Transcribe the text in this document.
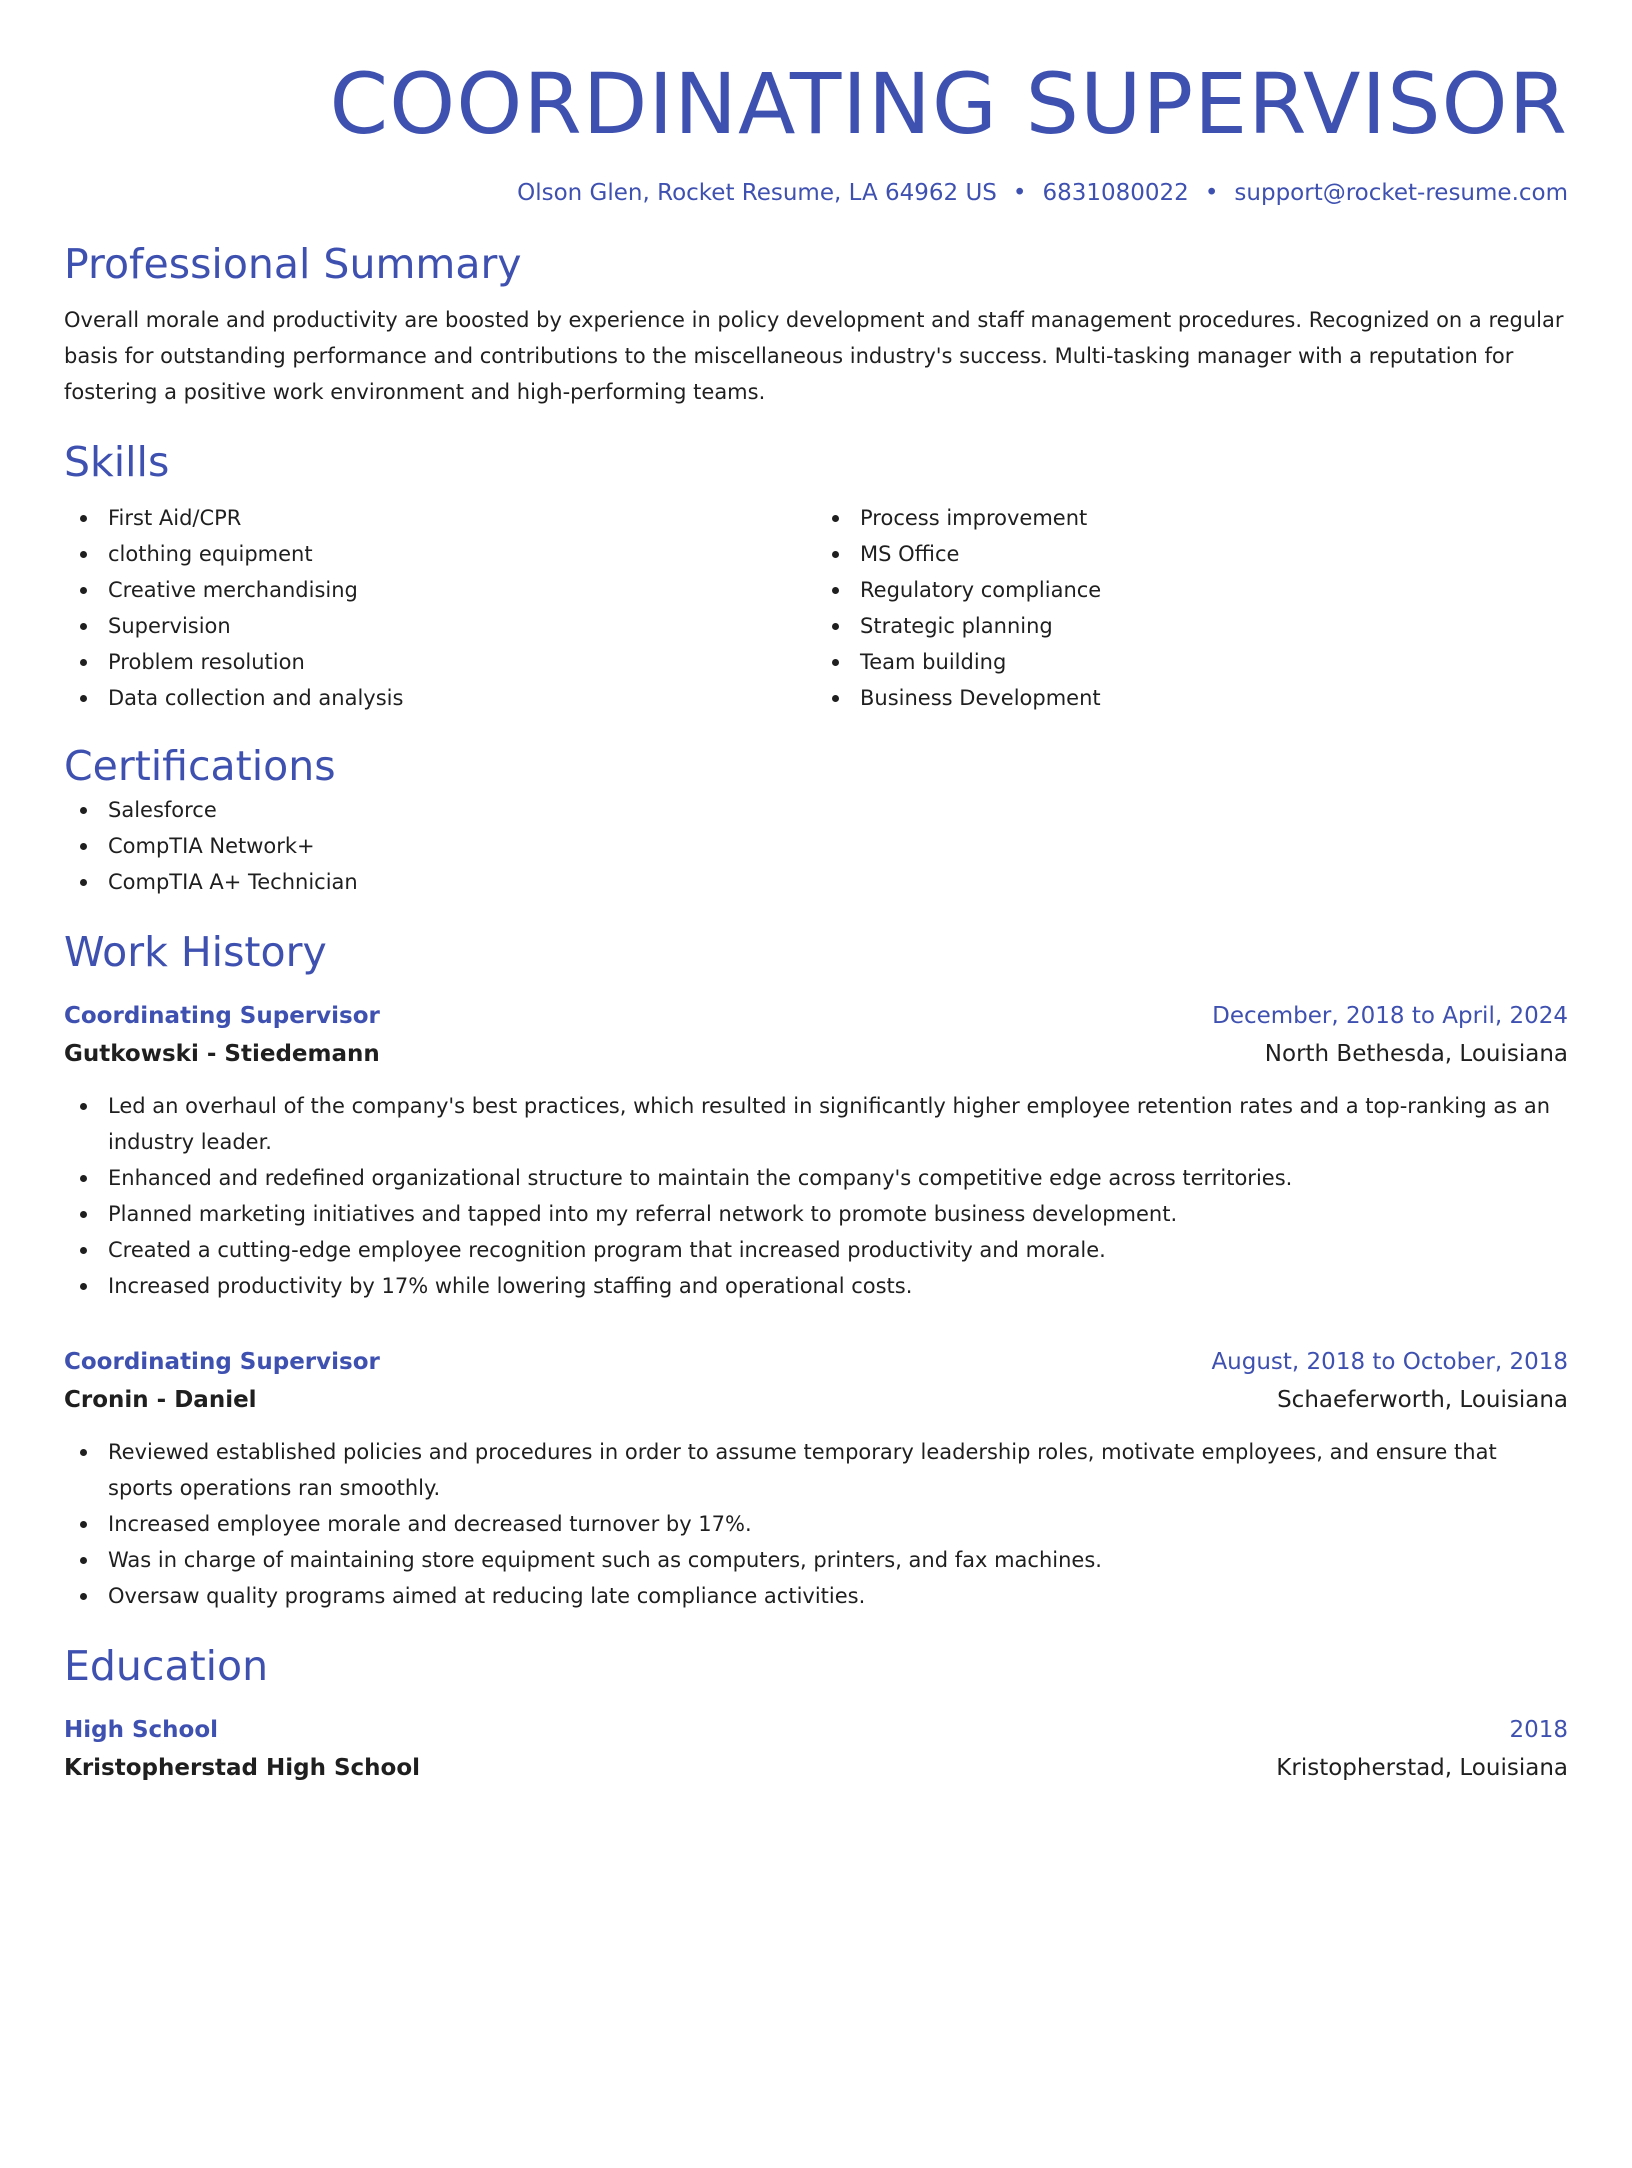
COORDINATING SUPERVISOR
Olson Glen, Rocket Resume, LA 64962 US • 6831080022 • support@rocket-resume.com
Professional Summary
Overall morale and productivity are boosted by experience in policy development and staff management procedures. Recognized on a regular basis for outstanding performance and contributions to the miscellaneous industry's success. Multi-tasking manager with a reputation for fostering a positive work environment and high-performing teams.
Skills
First Aid/CPR
clothing equipment
Creative merchandising
Supervision
Problem resolution
Data collection and analysis
Process improvement
MS Office
Regulatory compliance
Strategic planning
Team building
Business Development
Certifications
Salesforce
CompTIA Network+
CompTIA A+ Technician
Work History
Coordinating Supervisor	December, 2018 to April, 2024
Gutkowski - Stiedemann	North Bethesda, Louisiana
Led an overhaul of the company's best practices, which resulted in significantly higher employee retention rates and a top-ranking as an industry leader.
Enhanced and redefined organizational structure to maintain the company's competitive edge across territories.
Planned marketing initiatives and tapped into my referral network to promote business development.
Created a cutting-edge employee recognition program that increased productivity and morale.
Increased productivity by 17% while lowering staffing and operational costs.
Coordinating Supervisor	August, 2018 to October, 2018
Cronin - Daniel	Schaeferworth, Louisiana
Reviewed established policies and procedures in order to assume temporary leadership roles, motivate employees, and ensure that sports operations ran smoothly.
Increased employee morale and decreased turnover by 17%.
Was in charge of maintaining store equipment such as computers, printers, and fax machines.
Oversaw quality programs aimed at reducing late compliance activities.
Education
High School	2018
Kristopherstad High School	Kristopherstad, Louisiana
